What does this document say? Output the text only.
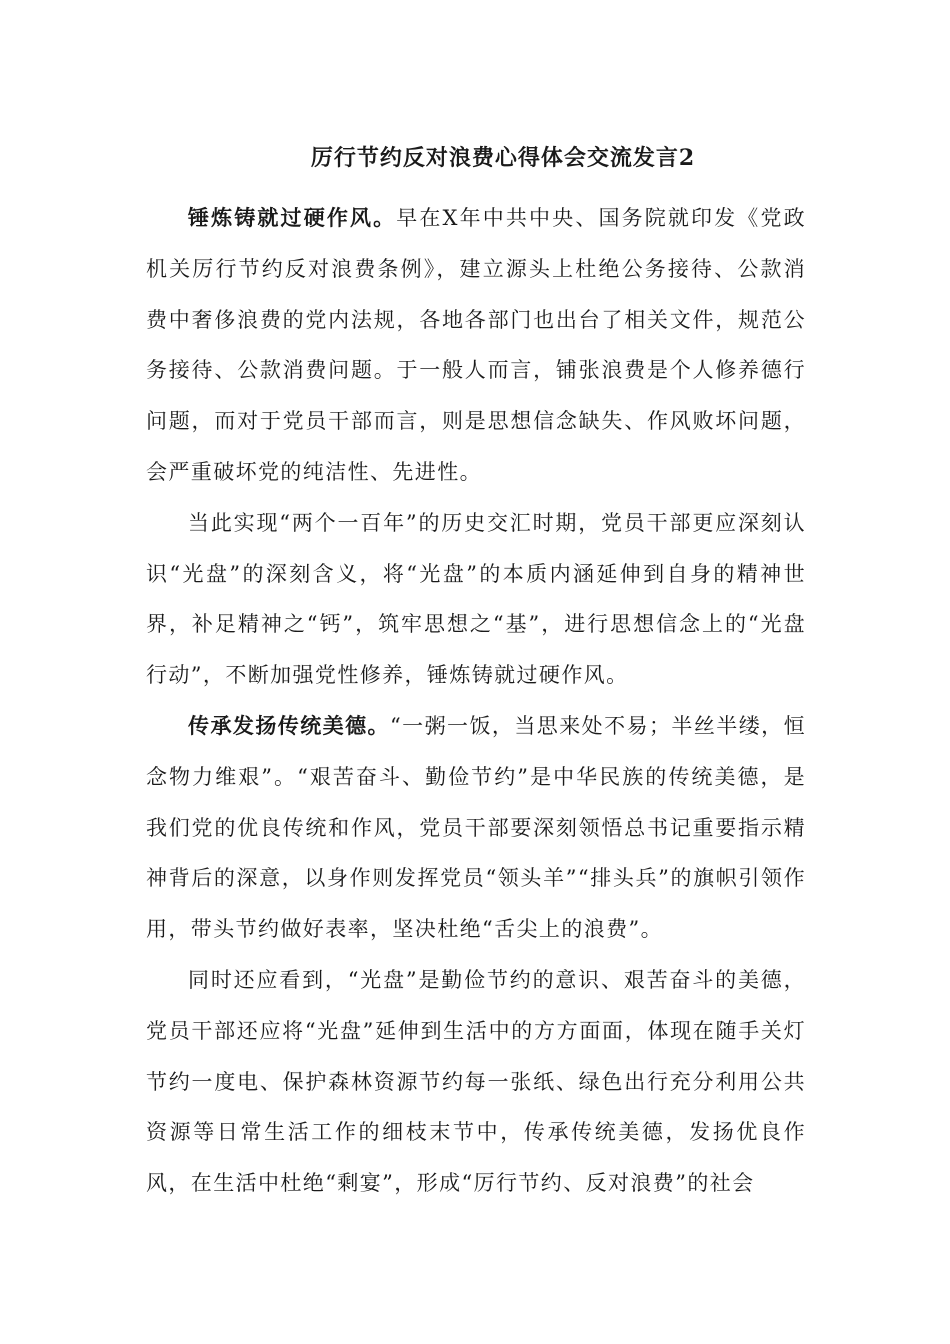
厉行节约反对浪费心得体会交流发言2

锤炼铸就过硬作风。早在X年中共中央、国务院就印发《党政机关厉行节约反对浪费条例》，建立源头上杜绝公务接待、公款消费中奢侈浪费的党内法规，各地各部门也出台了相关文件，规范公务接待、公款消费问题。于一般人而言，铺张浪费是个人修养德行问题，而对于党员干部而言，则是思想信念缺失、作风败坏问题，会严重破坏党的纯洁性、先进性。

当此实现“两个一百年”的历史交汇时期，党员干部更应深刻认识“光盘”的深刻含义，将“光盘”的本质内涵延伸到自身的精神世界，补足精神之“钙”，筑牢思想之“基”，进行思想信念上的“光盘行动”，不断加强党性修养，锤炼铸就过硬作风。

传承发扬传统美德。“一粥一饭，当思来处不易；半丝半缕，恒念物力维艰”。“艰苦奋斗、勤俭节约”是中华民族的传统美德，是我们党的优良传统和作风，党员干部要深刻领悟总书记重要指示精神背后的深意，以身作则发挥党员“领头羊”“排头兵”的旗帜引领作用，带头节约做好表率，坚决杜绝“舌尖上的浪费”。

同时还应看到，“光盘”是勤俭节约的意识、艰苦奋斗的美德，党员干部还应将“光盘”延伸到生活中的方方面面，体现在随手关灯节约一度电、保护森林资源节约每一张纸、绿色出行充分利用公共资源等日常生活工作的细枝末节中，传承传统美德，发扬优良作风，在生活中杜绝“剩宴”，形成“厉行节约、反对浪费”的社会
